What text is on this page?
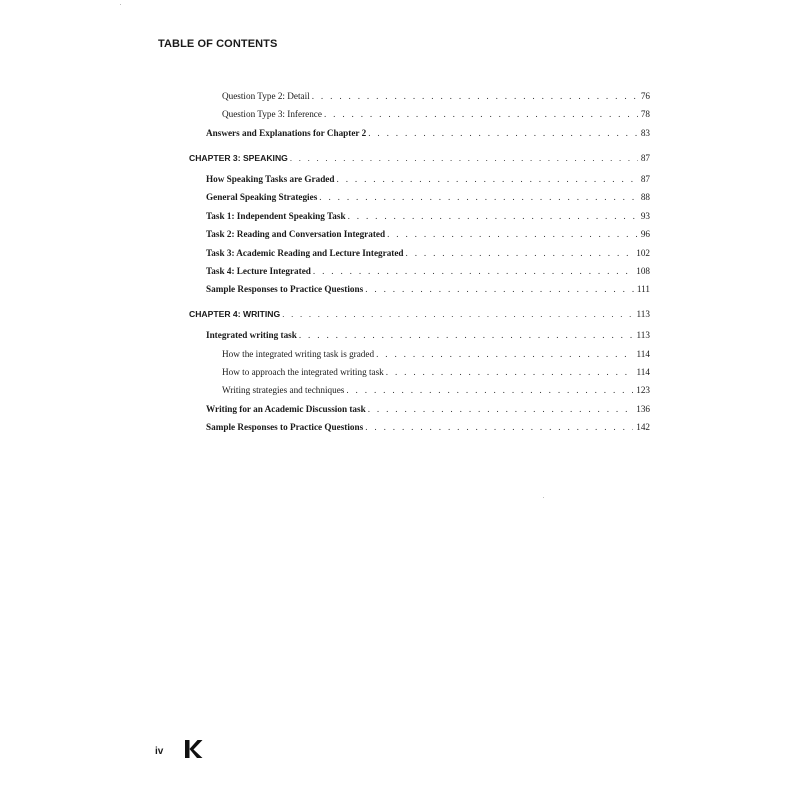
TABLE OF CONTENTS
Question Type 2: Detail . . .	76
Question Type 3: Inference . . .	78
Answers and Explanations for Chapter 2 . . .	83
CHAPTER 3: SPEAKING . . .	87
How Speaking Tasks are Graded . . .	87
General Speaking Strategies . . .	88
Task 1: Independent Speaking Task . . .	93
Task 2: Reading and Conversation Integrated . . .	96
Task 3: Academic Reading and Lecture Integrated . . .	102
Task 4: Lecture Integrated . . .	108
Sample Responses to Practice Questions . . .	111
CHAPTER 4: WRITING . . .	113
Integrated writing task . . .	113
How the integrated writing task is graded . . .	114
How to approach the integrated writing task . . .	114
Writing strategies and techniques . . .	123
Writing for an Academic Discussion task . . .	136
Sample Responses to Practice Questions . . .	142
iv
